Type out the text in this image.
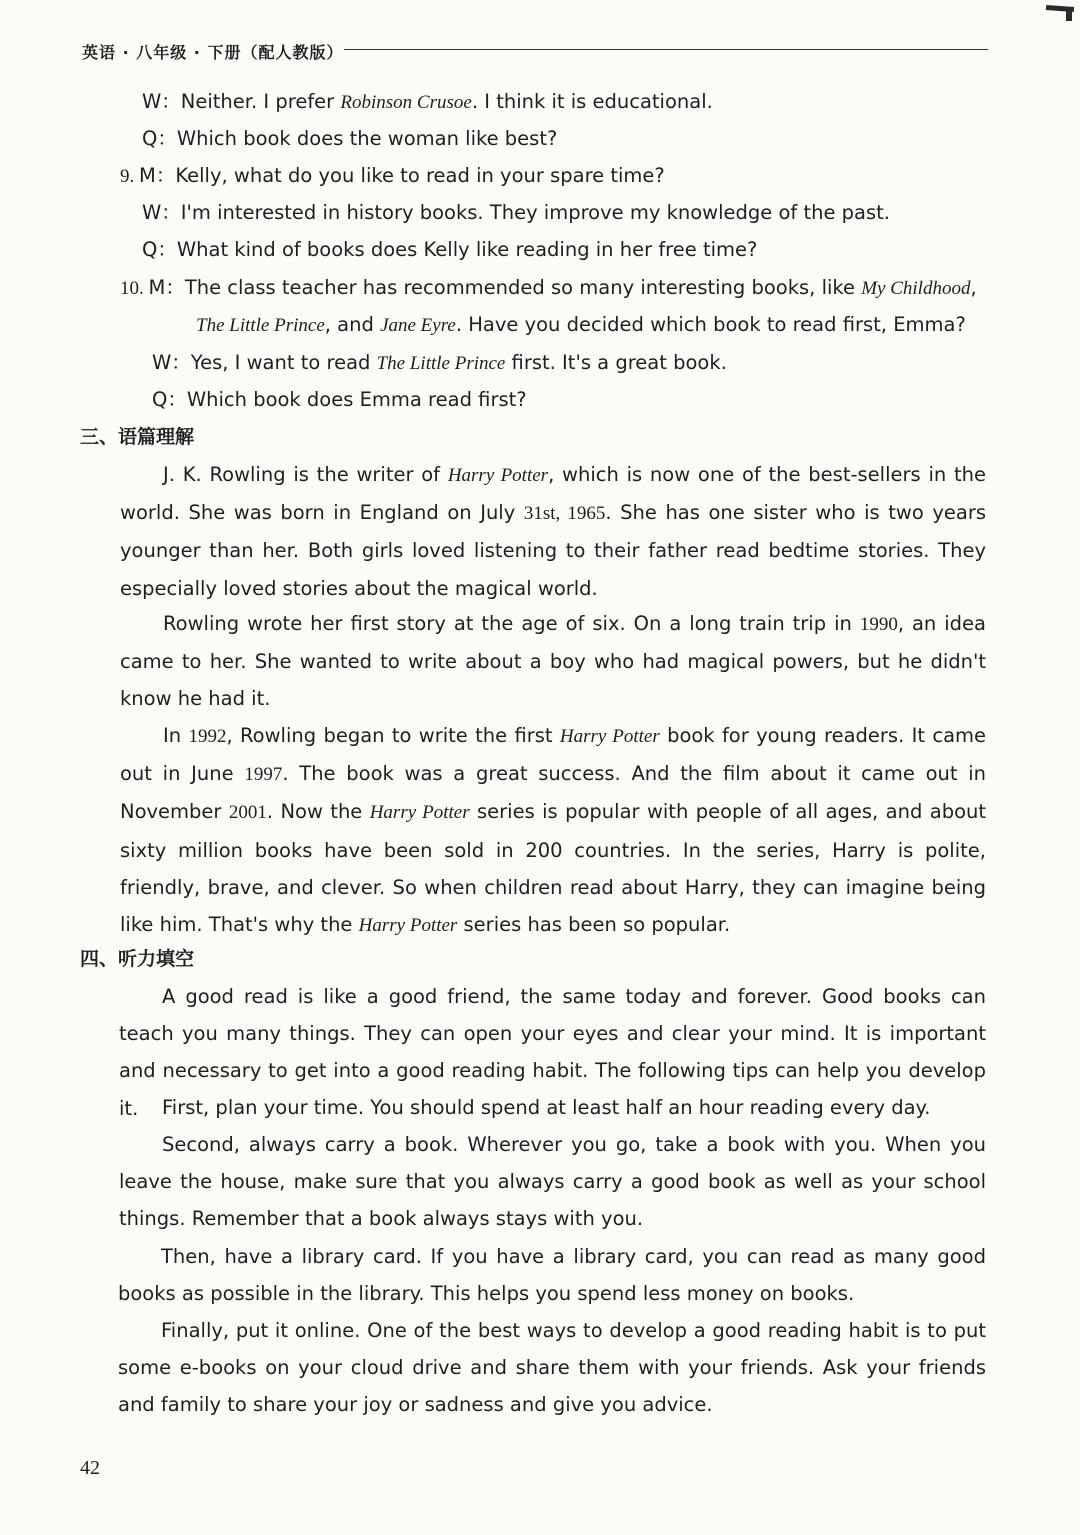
英语 · 八年级 · 下册（配人教版）
W：Neither. I prefer Robinson Crusoe. I think it is educational.
Q：Which book does the woman like best?
9. M：Kelly, what do you like to read in your spare time?
W：I'm interested in history books. They improve my knowledge of the past.
Q：What kind of books does Kelly like reading in her free time?
10. M：The class teacher has recommended so many interesting books, like My Childhood,
The Little Prince, and Jane Eyre. Have you decided which book to read first, Emma?
W：Yes, I want to read The Little Prince first. It's a great book.
Q：Which book does Emma read first?
三、语篇理解
J. K. Rowling is the writer of Harry Potter, which is now one of the best-sellers in the world. She was born in England on July 31st, 1965. She has one sister who is two years younger than her. Both girls loved listening to their father read bedtime stories. They especially loved stories about the magical world.
Rowling wrote her first story at the age of six. On a long train trip in 1990, an idea came to her. She wanted to write about a boy who had magical powers, but he didn't know he had it.
In 1992, Rowling began to write the first Harry Potter book for young readers. It came out in June 1997. The book was a great success. And the film about it came out in November 2001. Now the Harry Potter series is popular with people of all ages, and about sixty million books have been sold in 200 countries. In the series, Harry is polite, friendly, brave, and clever. So when children read about Harry, they can imagine being like him. That's why the Harry Potter series has been so popular.
四、听力填空
A good read is like a good friend, the same today and forever. Good books can teach you many things. They can open your eyes and clear your mind. It is important and necessary to get into a good reading habit. The following tips can help you develop it.	First, plan your time. You should spend at least half an hour reading every day.
Second, always carry a book. Wherever you go, take a book with you. When you leave the house, make sure that you always carry a good book as well as your school things. Remember that a book always stays with you.
Then, have a library card. If you have a library card, you can read as many good books as possible in the library. This helps you spend less money on books.
Finally, put it online. One of the best ways to develop a good reading habit is to put some e-books on your cloud drive and share them with your friends. Ask your friends and family to share your joy or sadness and give you advice.
42
